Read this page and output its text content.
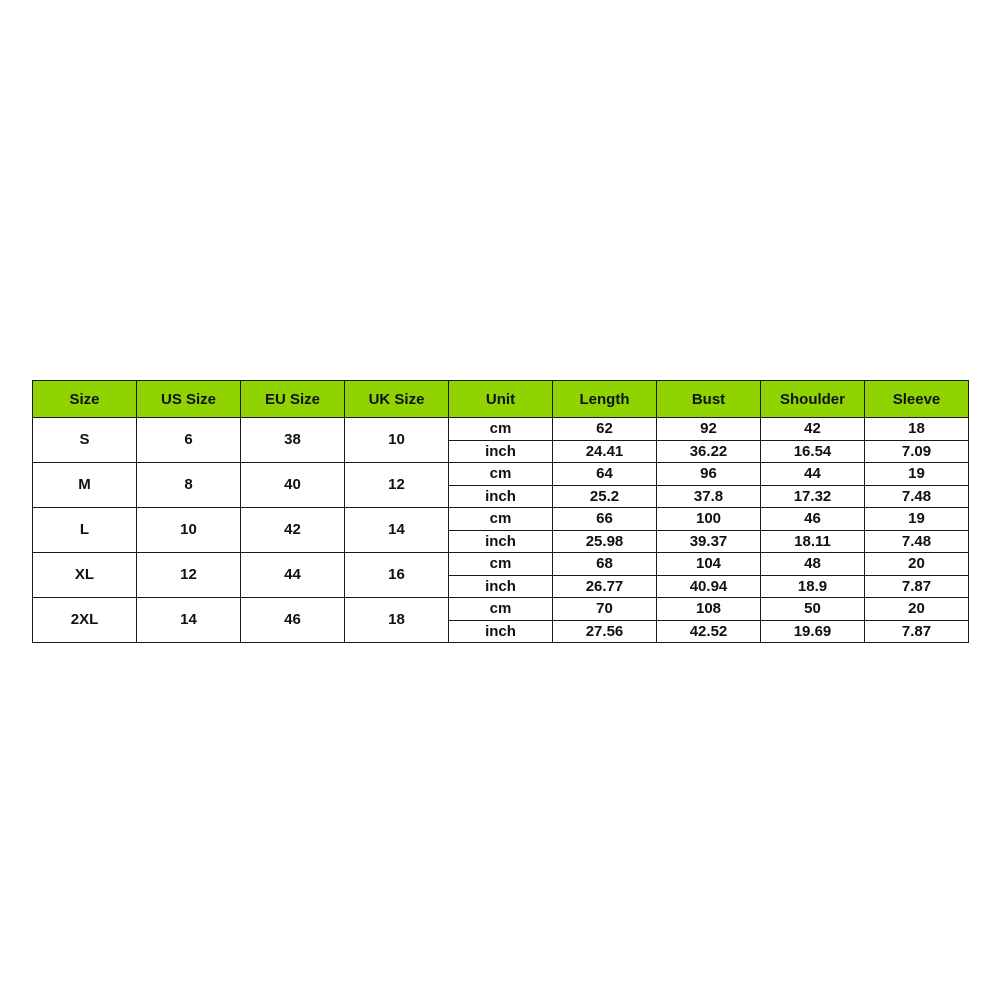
Size	US Size	EU Size	UK Size	Unit	Length	Bust	Shoulder	Sleeve
S	6	38	10	cm	62	92	42	18
				inch	24.41	36.22	16.54	7.09
M	8	40	12	cm	64	96	44	19
				inch	25.2	37.8	17.32	7.48
L	10	42	14	cm	66	100	46	19
				inch	25.98	39.37	18.11	7.48
XL	12	44	16	cm	68	104	48	20
				inch	26.77	40.94	18.9	7.87
2XL	14	46	18	cm	70	108	50	20
				inch	27.56	42.52	19.69	7.87
